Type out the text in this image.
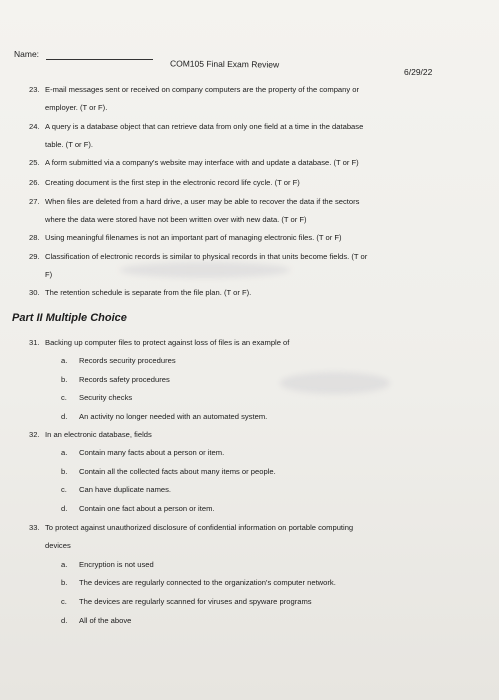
Name:
COM105 Final Exam Review
6/29/22
23. E-mail messages sent or received on company computers are the property of the company or
employer. (T or F).
24. A query is a database object that can retrieve data from only one field at a time in the database
table. (T or F).
25. A form submitted via a company's website may interface with and update a database. (T or F)
26. Creating document is the first step in the electronic record life cycle. (T or F)
27. When files are deleted from a hard drive, a user may be able to recover the data if the sectors
where the data were stored have not been written over with new data. (T or F)
28. Using meaningful filenames is not an important part of managing electronic files. (T or F)
29. Classification of electronic records is similar to physical records in that units become fields. (T or
F)
30. The retention schedule is separate from the file plan. (T or F).
Part II Multiple Choice
31. Backing up computer files to protect against loss of files is an example of
a. Records security procedures
b. Records safety procedures
c. Security checks
d. An activity no longer needed with an automated system.
32. In an electronic database, fields
a. Contain many facts about a person or item.
b. Contain all the collected facts about many items or people.
c. Can have duplicate names.
d. Contain one fact about a person or item.
33. To protect against unauthorized disclosure of confidential information on portable computing
devices
a. Encryption is not used
b. The devices are regularly connected to the organization's computer network.
c. The devices are regularly scanned for viruses and spyware programs
d. All of the above
